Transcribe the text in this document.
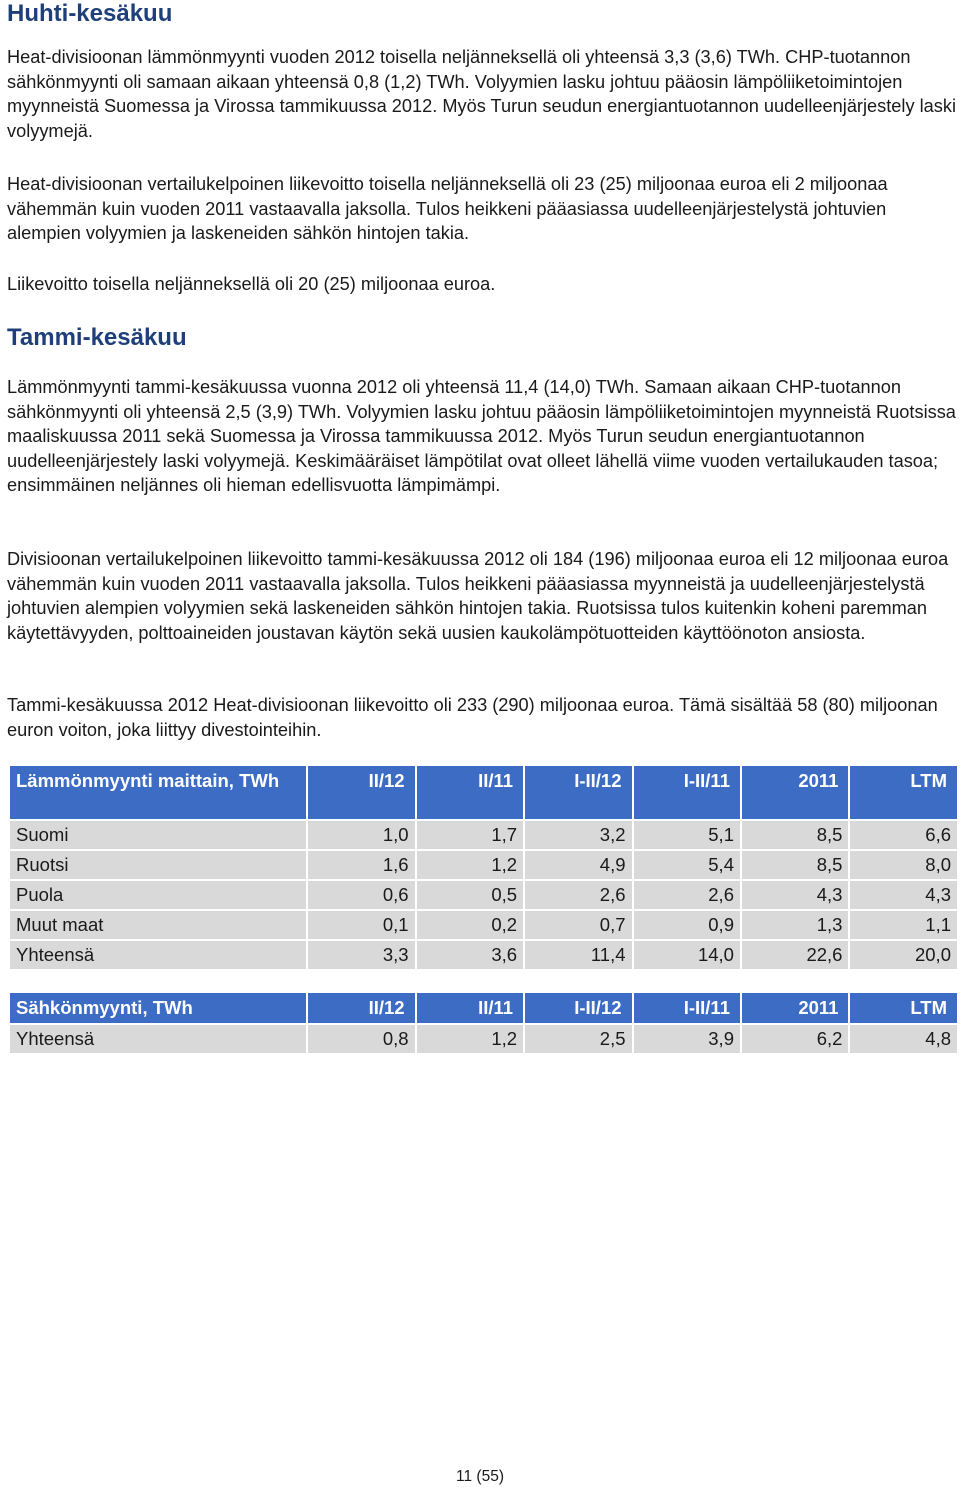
Huhti-kesäkuu

Heat-divisioonan lämmönmyynti vuoden 2012 toisella neljänneksellä oli yhteensä 3,3 (3,6) TWh. CHP-tuotannon sähkönmyynti oli samaan aikaan yhteensä 0,8 (1,2) TWh. Volyymien lasku johtuu pääosin lämpöliiketoimintojen myynneistä Suomessa ja Virossa tammikuussa 2012. Myös Turun seudun energiantuotannon uudelleenjärjestely laski volyymejä.

Heat-divisioonan vertailukelpoinen liikevoitto toisella neljänneksellä oli 23 (25) miljoonaa euroa eli 2 miljoonaa vähemmän kuin vuoden 2011 vastaavalla jaksolla. Tulos heikkeni pääasiassa uudelleenjärjestelystä johtuvien alempien volyymien ja laskeneiden sähkön hintojen takia.

Liikevoitto toisella neljänneksellä oli 20 (25) miljoonaa euroa.

Tammi-kesäkuu

Lämmönmyynti tammi-kesäkuussa vuonna 2012 oli yhteensä 11,4 (14,0) TWh. Samaan aikaan CHP-tuotannon sähkönmyynti oli yhteensä 2,5 (3,9) TWh. Volyymien lasku johtuu pääosin lämpöliiketoimintojen myynneistä Ruotsissa maaliskuussa 2011 sekä Suomessa ja Virossa tammikuussa 2012. Myös Turun seudun energiantuotannon uudelleenjärjestely laski volyymejä. Keskimääräiset lämpötilat ovat olleet lähellä viime vuoden vertailukauden tasoa; ensimmäinen neljännes oli hieman edellisvuotta lämpimämpi.

Divisioonan vertailukelpoinen liikevoitto tammi-kesäkuussa 2012 oli 184 (196) miljoonaa euroa eli 12 miljoonaa euroa vähemmän kuin vuoden 2011 vastaavalla jaksolla. Tulos heikkeni pääasiassa myynneistä ja uudelleenjärjestelystä johtuvien alempien volyymien sekä laskeneiden sähkön hintojen takia. Ruotsissa tulos kuitenkin koheni paremman käytettävyyden, polttoaineiden joustavan käytön sekä uusien kaukolämpötuotteiden käyttöönoton ansiosta.

Tammi-kesäkuussa 2012 Heat-divisioonan liikevoitto oli 233 (290) miljoonaa euroa. Tämä sisältää 58 (80) miljoonan euron voiton, joka liittyy divestointeihin.

Lämmönmyynti maittain, TWh	II/12	II/11	I-II/12	I-II/11	2011	LTM
Suomi	1,0	1,7	3,2	5,1	8,5	6,6
Ruotsi	1,6	1,2	4,9	5,4	8,5	8,0
Puola	0,6	0,5	2,6	2,6	4,3	4,3
Muut maat	0,1	0,2	0,7	0,9	1,3	1,1
Yhteensä	3,3	3,6	11,4	14,0	22,6	20,0
Sähkönmyynti, TWh	II/12	II/11	I-II/12	I-II/11	2011	LTM
Yhteensä	0,8	1,2	2,5	3,9	6,2	4,8
11 (55)
